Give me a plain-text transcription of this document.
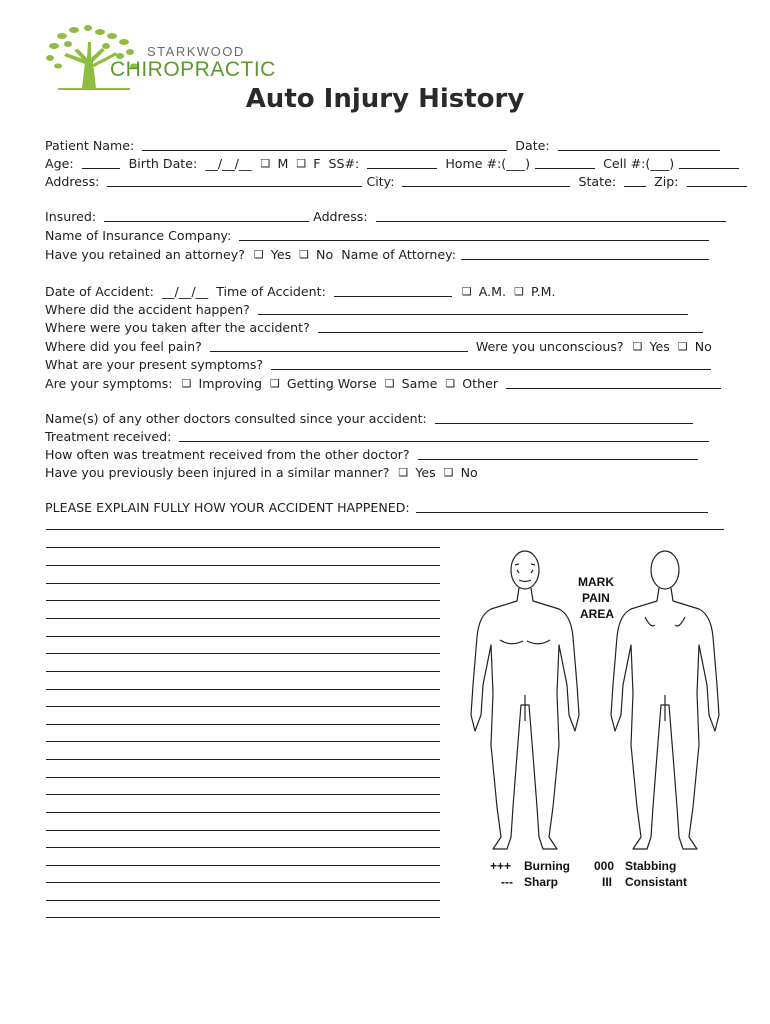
STARKWOOD
CHIROPRACTIC
Auto Injury History
Patient Name:	Date:
Age:	Birth Date: __/__/__ ❑ M ❑ F SS#:	Home #:(___)	Cell #:(___)
Address:	City:	State:	Zip:
Insured:	Address:
Name of Insurance Company:
Have you retained an attorney? ❑ Yes ❑ No Name of Attorney:
Date of Accident: __/__/__ Time of Accident:	❑ A.M. ❑ P.M.
Where did the accident happen?
Where were you taken after the accident?
Where did you feel pain?	Were you unconscious? ❑ Yes ❑ No
What are your present symptoms?
Are your symptoms: ❑ Improving ❑ Getting Worse ❑ Same ❑ Other
Name(s) of any other doctors consulted since your accident:
Treatment received:
How often was treatment received from the other doctor?
Have you previously been injured in a similar manner? ❑ Yes ❑ No
PLEASE EXPLAIN FULLY HOW YOUR ACCIDENT HAPPENED:
MARK
PAIN
AREA
+++ Burning
--- Sharp
000 Stabbing
III Consistant
